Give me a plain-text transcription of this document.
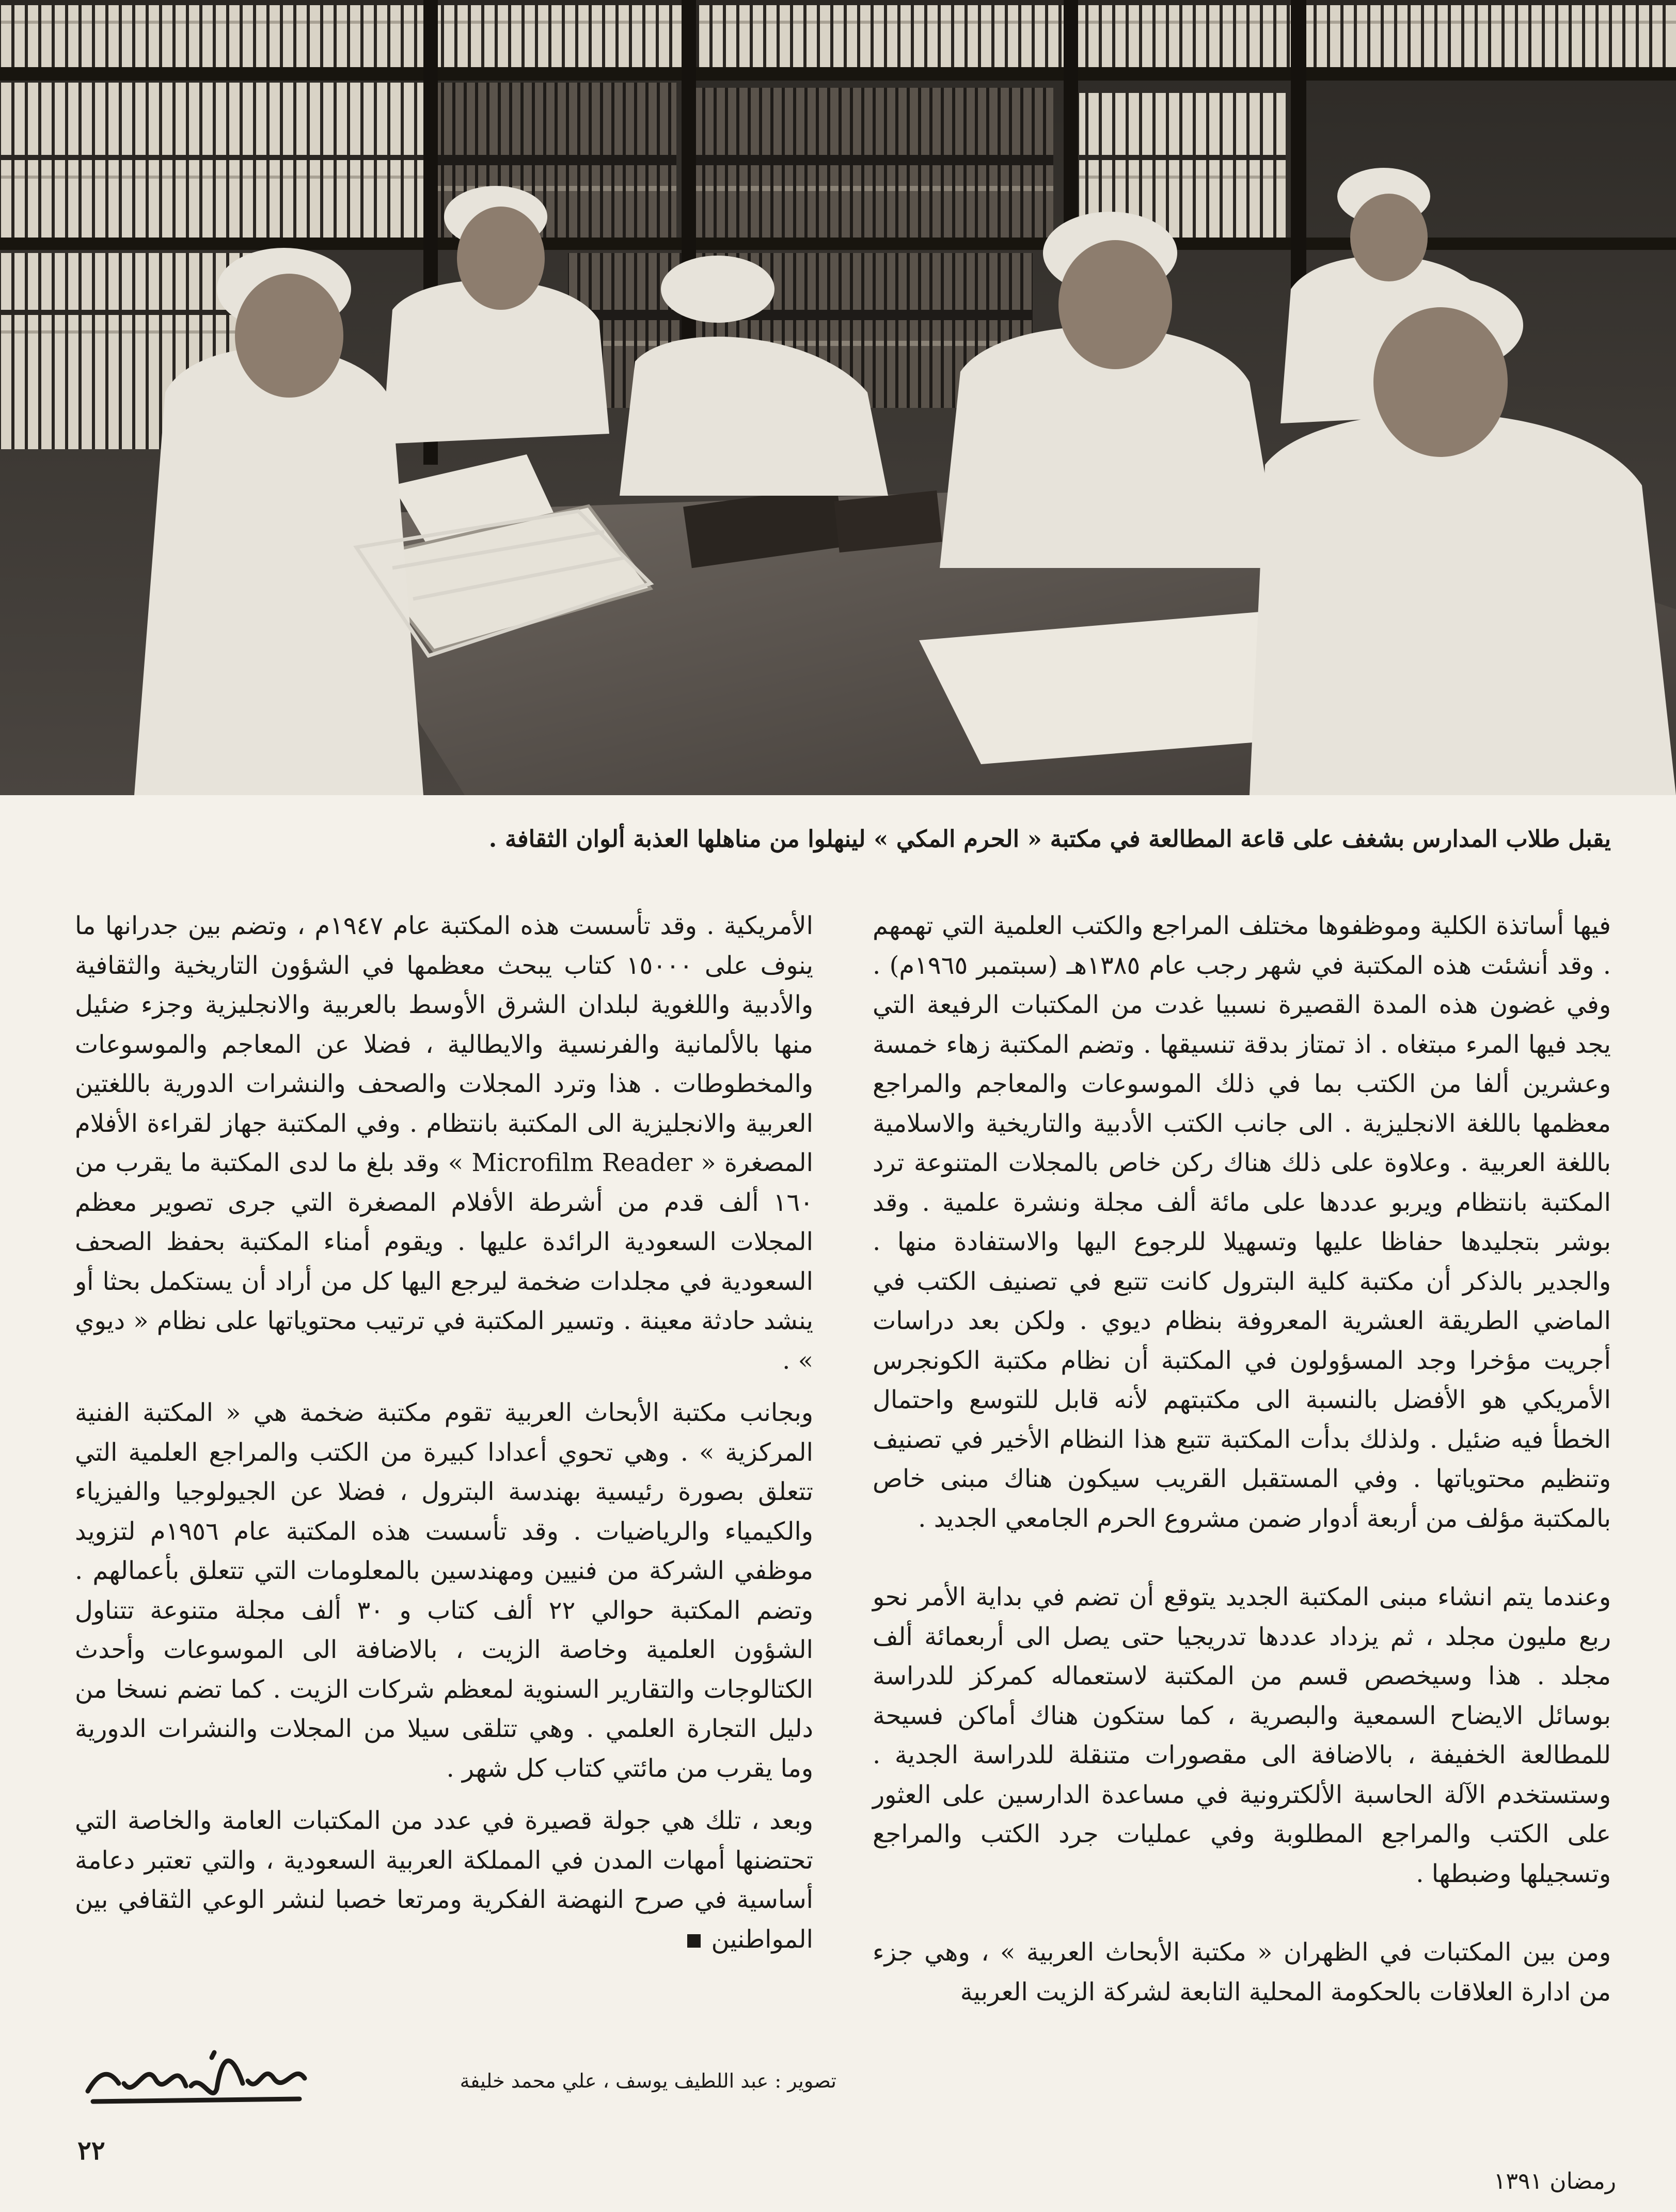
يقبل طلاب المدارس بشغف على قاعة المطالعة في مكتبة « الحرم المكي » لينهلوا من مناهلها العذبة ألوان الثقافة .

فيها أساتذة الكلية وموظفوها مختلف المراجع والكتب العلمية التي تهمهم . وقد أنشئت هذه المكتبة في شهر رجب عام ١٣٨٥هـ (سبتمبر ١٩٦٥م) . وفي غضون هذه المدة القصيرة نسبيا غدت من المكتبات الرفيعة التي يجد فيها المرء مبتغاه . اذ تمتاز بدقة تنسيقها . وتضم المكتبة زهاء خمسة وعشرين ألفا من الكتب بما في ذلك الموسوعات والمعاجم والمراجع معظمها باللغة الانجليزية . الى جانب الكتب الأدبية والتاريخية والاسلامية باللغة العربية . وعلاوة على ذلك هناك ركن خاص بالمجلات المتنوعة ترد المكتبة بانتظام ويربو عددها على مائة ألف مجلة ونشرة علمية . وقد بوشر بتجليدها حفاظا عليها وتسهيلا للرجوع اليها والاستفادة منها . والجدير بالذكر أن مكتبة كلية البترول كانت تتبع في تصنيف الكتب في الماضي الطريقة العشرية المعروفة بنظام ديوي . ولكن بعد دراسات أجريت مؤخرا وجد المسؤولون في المكتبة أن نظام مكتبة الكونجرس الأمريكي هو الأفضل بالنسبة الى مكتبتهم لأنه قابل للتوسع واحتمال الخطأ فيه ضئيل . ولذلك بدأت المكتبة تتبع هذا النظام الأخير في تصنيف وتنظيم محتوياتها . وفي المستقبل القريب سيكون هناك مبنى خاص بالمكتبة مؤلف من أربعة أدوار ضمن مشروع الحرم الجامعي الجديد .

وعندما يتم انشاء مبنى المكتبة الجديد يتوقع أن تضم في بداية الأمر نحو ربع مليون مجلد ، ثم يزداد عددها تدريجيا حتى يصل الى أربعمائة ألف مجلد . هذا وسيخصص قسم من المكتبة لاستعماله كمركز للدراسة بوسائل الايضاح السمعية والبصرية ، كما ستكون هناك أماكن فسيحة للمطالعة الخفيفة ، بالاضافة الى مقصورات متنقلة للدراسة الجدية . وستستخدم الآلة الحاسبة الألكترونية في مساعدة الدارسين على العثور على الكتب والمراجع المطلوبة وفي عمليات جرد الكتب والمراجع وتسجيلها وضبطها .

ومن بين المكتبات في الظهران « مكتبة الأبحاث العربية » ، وهي جزء من ادارة العلاقات بالحكومة المحلية التابعة لشركة الزيت العربية

الأمريكية . وقد تأسست هذه المكتبة عام ١٩٤٧م ، وتضم بين جدرانها ما ينوف على ١٥٠٠٠ كتاب يبحث معظمها في الشؤون التاريخية والثقافية والأدبية واللغوية لبلدان الشرق الأوسط بالعربية والانجليزية وجزء ضئيل منها بالألمانية والفرنسية والايطالية ، فضلا عن المعاجم والموسوعات والمخطوطات . هذا وترد المجلات والصحف والنشرات الدورية باللغتين العربية والانجليزية الى المكتبة بانتظام . وفي المكتبة جهاز لقراءة الأفلام المصغرة « Microfilm Reader » وقد بلغ ما لدى المكتبة ما يقرب من ١٦٠ ألف قدم من أشرطة الأفلام المصغرة التي جرى تصوير معظم المجلات السعودية الرائدة عليها . ويقوم أمناء المكتبة بحفظ الصحف السعودية في مجلدات ضخمة ليرجع اليها كل من أراد أن يستكمل بحثا أو ينشد حادثة معينة . وتسير المكتبة في ترتيب محتوياتها على نظام « ديوي » .

وبجانب مكتبة الأبحاث العربية تقوم مكتبة ضخمة هي « المكتبة الفنية المركزية » . وهي تحوي أعدادا كبيرة من الكتب والمراجع العلمية التي تتعلق بصورة رئيسية بهندسة البترول ، فضلا عن الجيولوجيا والفيزياء والكيمياء والرياضيات . وقد تأسست هذه المكتبة عام ١٩٥٦م لتزويد موظفي الشركة من فنيين ومهندسين بالمعلومات التي تتعلق بأعمالهم . وتضم المكتبة حوالي ٢٢ ألف كتاب و ٣٠ ألف مجلة متنوعة تتناول الشؤون العلمية وخاصة الزيت ، بالاضافة الى الموسوعات وأحدث الكتالوجات والتقارير السنوية لمعظم شركات الزيت . كما تضم نسخا من دليل التجارة العلمي . وهي تتلقى سيلا من المجلات والنشرات الدورية وما يقرب من مائتي كتاب كل شهر .

وبعد ، تلك هي جولة قصيرة في عدد من المكتبات العامة والخاصة التي تحتضنها أمهات المدن في المملكة العربية السعودية ، والتي تعتبر دعامة أساسية في صرح النهضة الفكرية ومرتعا خصبا لنشر الوعي الثقافي بين المواطنين

تصوير : عبد اللطيف يوسف ، علي محمد خليفة
٢٢
رمضان ١٣٩١
